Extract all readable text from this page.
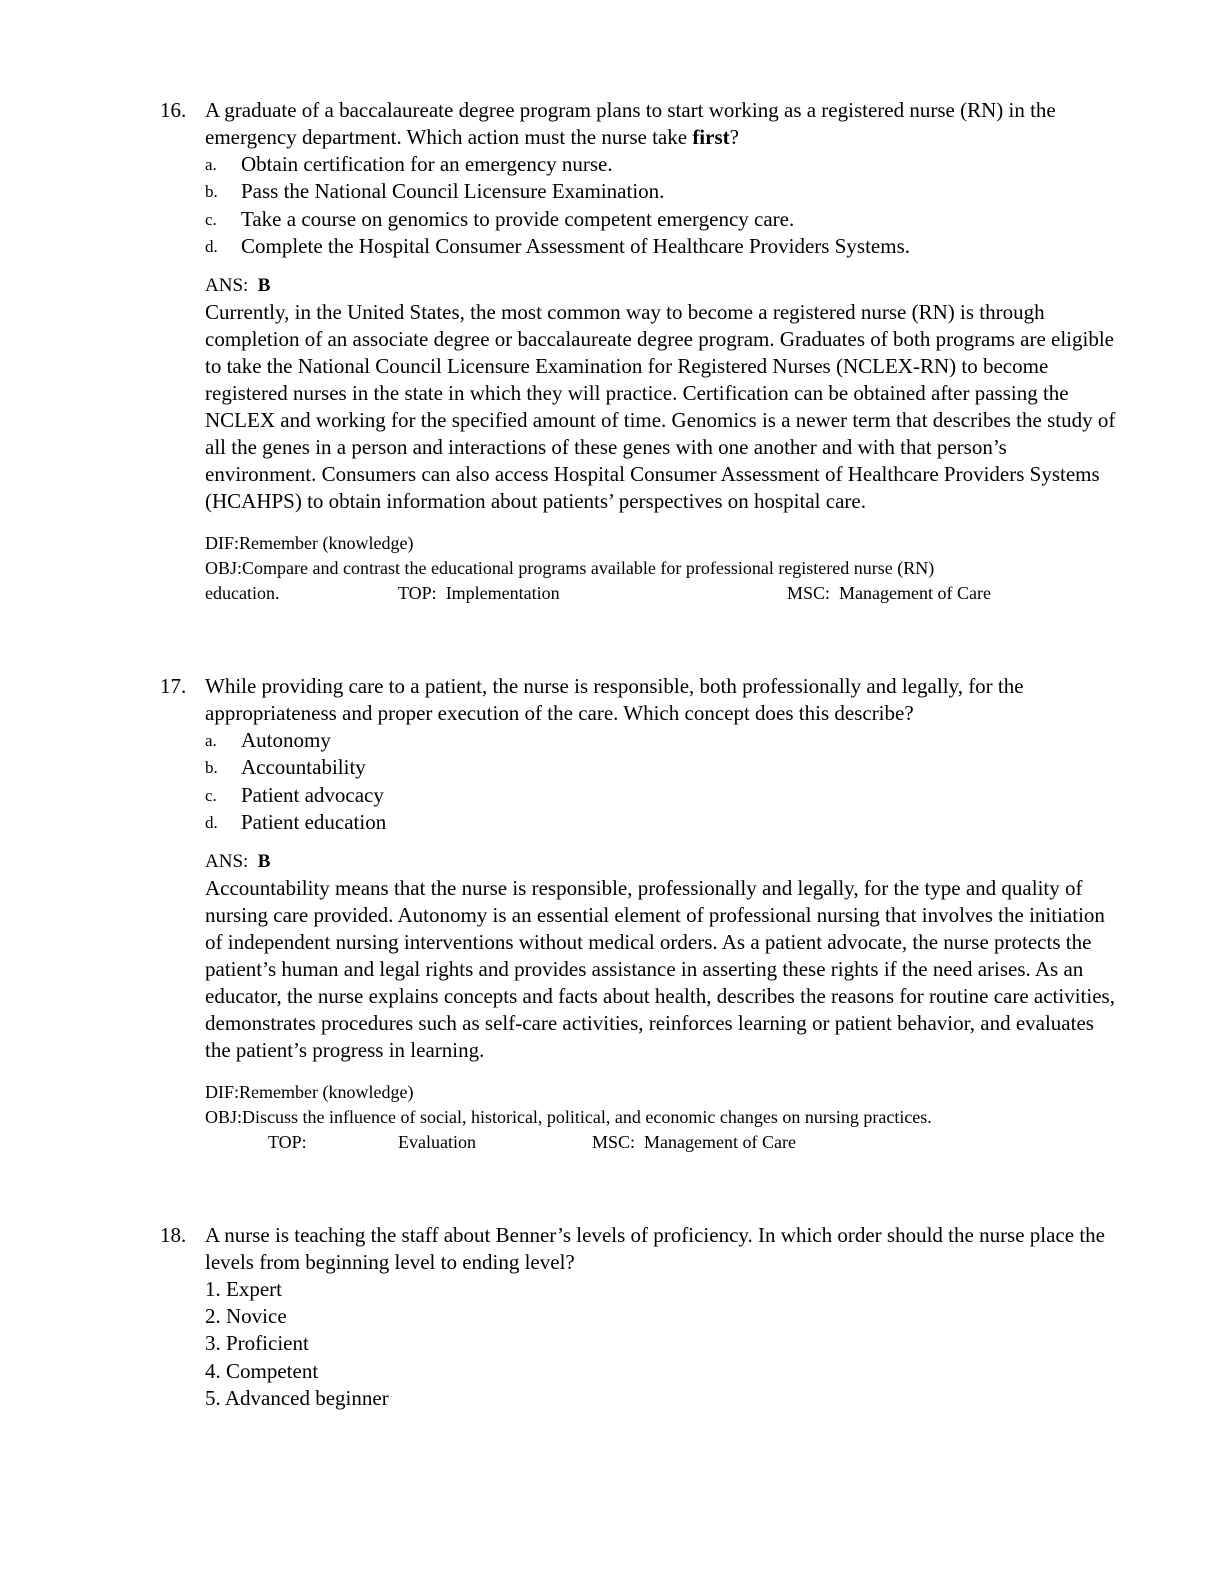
16. A graduate of a baccalaureate degree program plans to start working as a registered nurse (RN) in the emergency department. Which action must the nurse take first?

a. Obtain certification for an emergency nurse.
b. Pass the National Council Licensure Examination.
c. Take a course on genomics to provide competent emergency care.
d. Complete the Hospital Consumer Assessment of Healthcare Providers Systems.
ANS: B

Currently, in the United States, the most common way to become a registered nurse (RN) is through completion of an associate degree or baccalaureate degree program. Graduates of both programs are eligible to take the National Council Licensure Examination for Registered Nurses (NCLEX-RN) to become registered nurses in the state in which they will practice. Certification can be obtained after passing the NCLEX and working for the specified amount of time. Genomics is a newer term that describes the study of all the genes in a person and interactions of these genes with one another and with that person’s environment. Consumers can also access Hospital Consumer Assessment of Healthcare Providers Systems (HCAHPS) to obtain information about patients’ perspectives on hospital care.

DIF:Remember (knowledge)
OBJ:Compare and contrast the educational programs available for professional registered nurse (RN)
education.	TOP: Implementation	MSC: Management of Care
17. While providing care to a patient, the nurse is responsible, both professionally and legally, for the appropriateness and proper execution of the care. Which concept does this describe?

a. Autonomy
b. Accountability
c. Patient advocacy
d. Patient education
ANS: B

Accountability means that the nurse is responsible, professionally and legally, for the type and quality of nursing care provided. Autonomy is an essential element of professional nursing that involves the initiation of independent nursing interventions without medical orders. As a patient advocate, the nurse protects the patient’s human and legal rights and provides assistance in asserting these rights if the need arises. As an educator, the nurse explains concepts and facts about health, describes the reasons for routine care activities, demonstrates procedures such as self-care activities, reinforces learning or patient behavior, and evaluates the patient’s progress in learning.

DIF:Remember (knowledge)
OBJ:Discuss the influence of social, historical, political, and economic changes on nursing practices.
TOP:	Evaluation	MSC: Management of Care
18. A nurse is teaching the staff about Benner’s levels of proficiency. In which order should the nurse place the levels from beginning level to ending level?

1. Expert
2. Novice
3. Proficient
4. Competent
5. Advanced beginner
